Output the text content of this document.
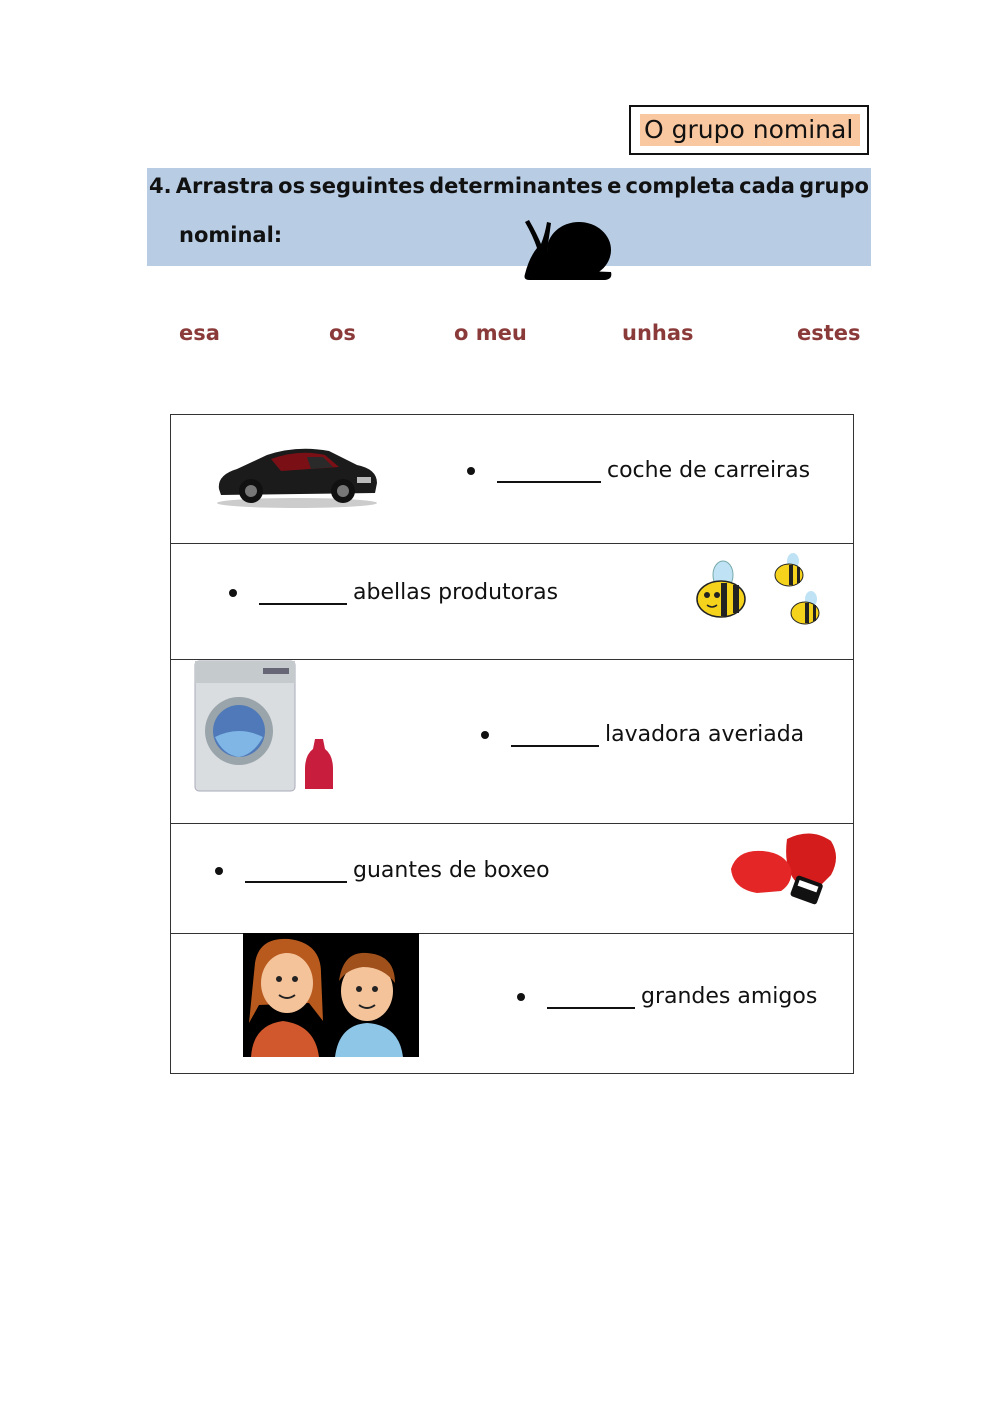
O grupo nominal
4. Arrastra os seguintes determinantes e completa cada grupo
nominal:
esa	os	o meu	unhas	estes
coche de carreiras
abellas produtoras
lavadora averiada
guantes de boxeo
grandes amigos
